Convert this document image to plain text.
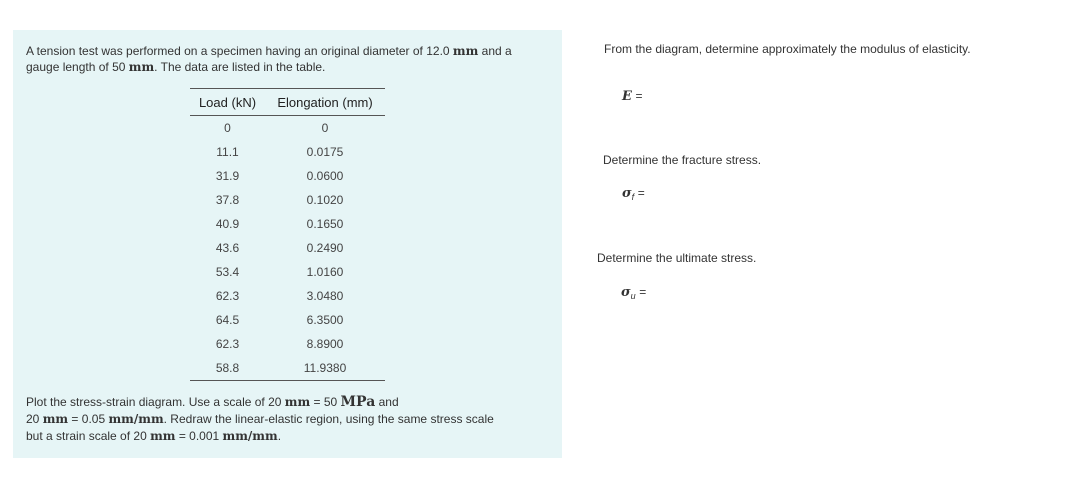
A tension test was performed on a specimen having an original diameter of 12.0 mm and a gauge length of 50 mm. The data are listed in the table.
Load (kN)	Elongation (mm)
0	0
11.1	0.0175
31.9	0.0600
37.8	0.1020
40.9	0.1650
43.6	0.2490
53.4	1.0160
62.3	3.0480
64.5	6.3500
62.3	8.8900
58.8	11.9380
Plot the stress-strain diagram. Use a scale of 20 mm = 50 MPa and
20 mm = 0.05 mm/mm. Redraw the linear-elastic region, using the same stress scale
but a strain scale of 20 mm = 0.001 mm/mm.
From the diagram, determine approximately the modulus of elasticity.
E =
Determine the fracture stress.
$\sigma_f$ =
Determine the ultimate stress.
$\sigma_u$ =
